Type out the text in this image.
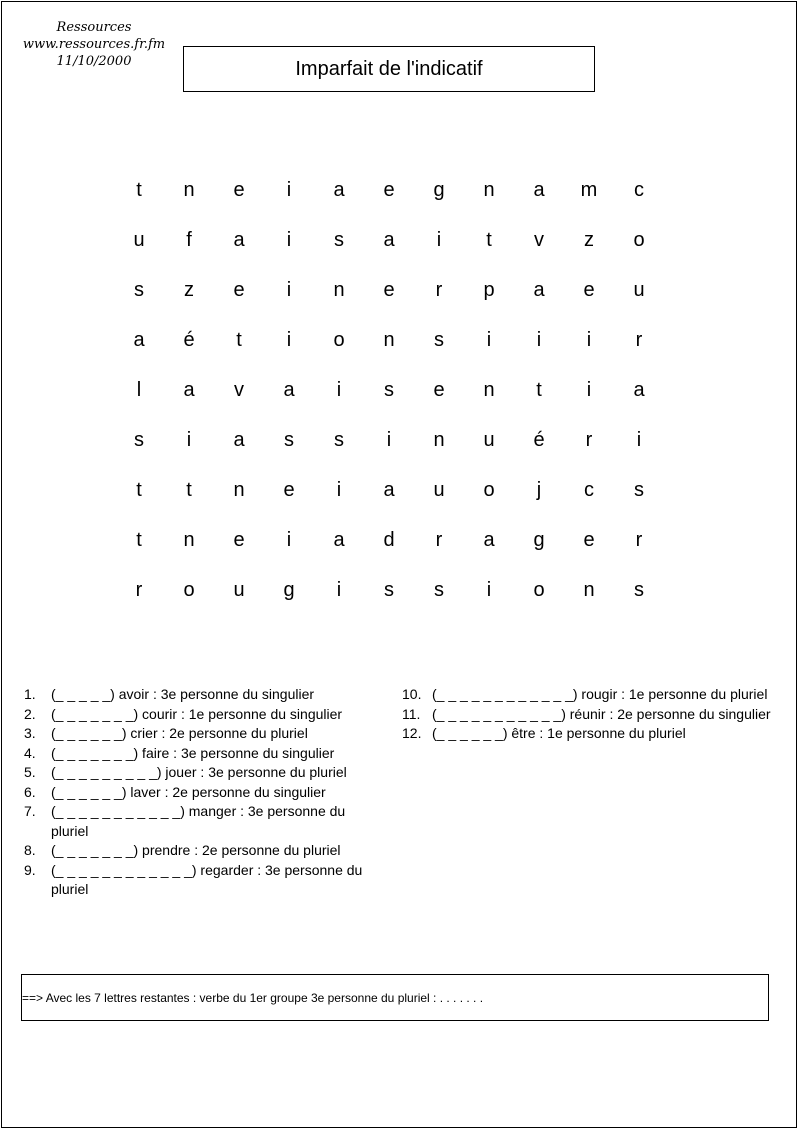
Ressources
www.ressources.fr.fm
11/10/2000	Imparfait de l'indicatif
t	n	e	i	a	e	g	n	a	m	c
u	f	a	i	s	a	i	t	v	z	o
s	z	e	i	n	e	r	p	a	e	u
a	é	t	i	o	n	s	i	i	i	r
l	a	v	a	i	s	e	n	t	i	a
s	i	a	s	s	i	n	u	é	r	i
t	t	n	e	i	a	u	o	j	c	s
t	n	e	i	a	d	r	a	g	e	r
r	o	u	g	i	s	s	i	o	n	s
1.	(_ _ _ _ _) avoir : 3e personne du singulier
2.	(_ _ _ _ _ _ _) courir : 1e personne du singulier
3.	(_ _ _ _ _ _) crier : 2e personne du pluriel
4.	(_ _ _ _ _ _ _) faire : 3e personne du singulier
5.	(_ _ _ _ _ _ _ _ _) jouer : 3e personne du pluriel
6.	(_ _ _ _ _ _) laver : 2e personne du singulier
7.	(_ _ _ _ _ _ _ _ _ _ _) manger : 3e personne du pluriel
8.	(_ _ _ _ _ _ _) prendre : 2e personne du pluriel
9.	(_ _ _ _ _ _ _ _ _ _ _ _) regarder : 3e personne du pluriel
10. (_ _ _ _ _ _ _ _ _ _ _ _) rougir : 1e personne du pluriel
11. (_ _ _ _ _ _ _ _ _ _ _) réunir : 2e personne du singulier
12. (_ _ _ _ _ _) être : 1e personne du pluriel
==> Avec les 7 lettres restantes : verbe du 1er groupe 3e personne du pluriel : . . . . . . .
